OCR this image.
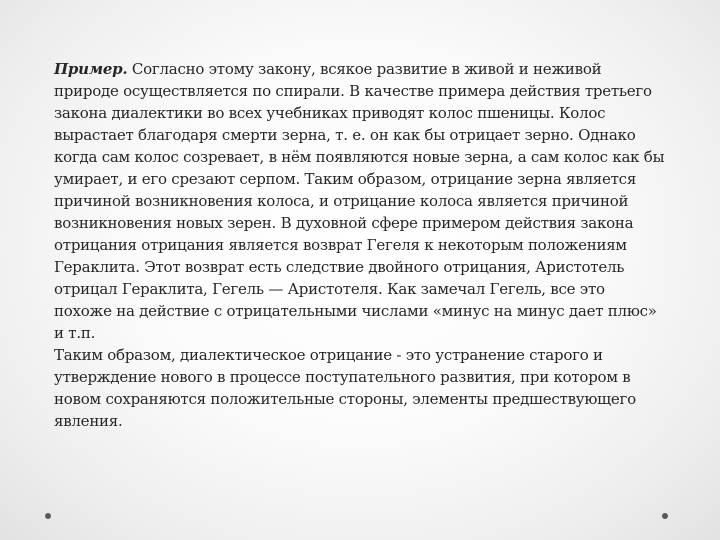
Пример. Согласно этому закону, всякое развитие в живой и неживой природе осуществляется по спирали. В качестве примера действия третьего закона диалектики во всех учебниках приводят колос пшеницы. Колос вырастает благодаря смерти зерна, т. е. он как бы отрицает зерно. Однако когда сам колос созревает, в нём появляются новые зерна, а сам колос как бы умирает, и его срезают серпом. Таким образом, отрицание зерна является причиной возникновения колоса, и отрицание колоса является причиной возникновения новых зерен. В духовной сфере примером действия закона отрицания отрицания является возврат Гегеля к некоторым положениям Гераклита. Этот возврат есть следствие двойного отрицания, Аристотель отрицал Гераклита, Гегель — Аристотеля. Как замечал Гегель, все это похоже на действие с отрицательными числами «минус на минус дает плюс» и т.п.

Таким образом, диалектическое отрицание - это устранение старого и утверждение нового в процессе поступательного развития, при котором в новом сохраняются положительные стороны, элементы предшествующего явления.
